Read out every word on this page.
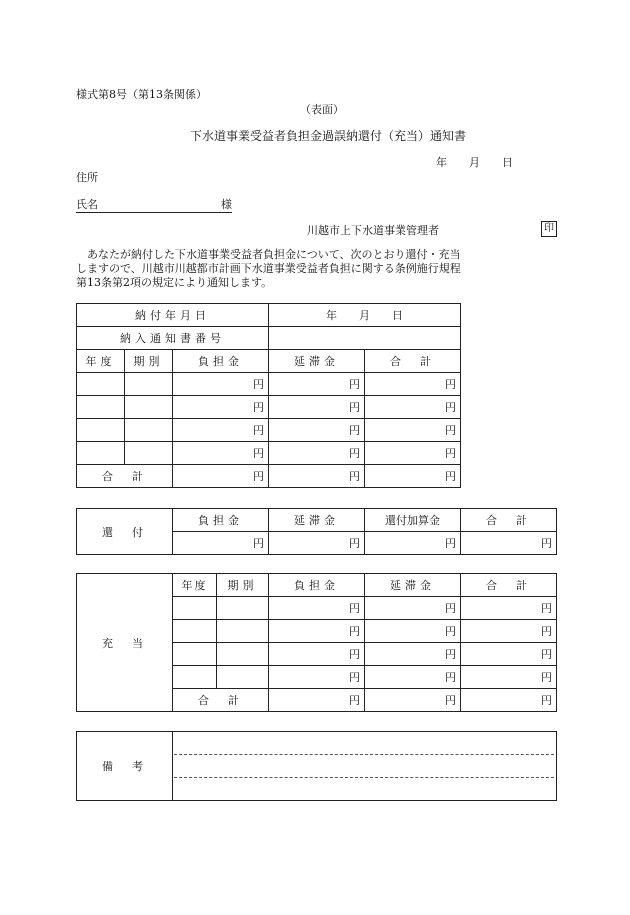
様式第8号（第13条関係）
（表面）
下水道事業受益者負担金過誤納還付（充当）通知書
年　　月　　日
住所
氏名	様
川越市上下水道事業管理者	印
　あなたが納付した下水道事業受益者負担金について、次のとおり還付・充当
しますので、川越市川越都市計画下水道事業受益者負担に関する条例施行規程
第13条第2項の規定により通知します。
納付年月日			年　　月　　日	
納入通知書番号				
年度	期別	負担金	延滞金	合　計
		円	円	円
		円	円	円
		円	円	円
		円	円	円
合　計		円	円	円
還　付	負担金	延滞金	還付加算金	合　計
	円	円	円	円
充　当	年度	期別	負担金	延滞金	合　計
			円	円	円
			円	円	円
			円	円	円
			円	円	円
	合　計		円	円	円
備　考	
